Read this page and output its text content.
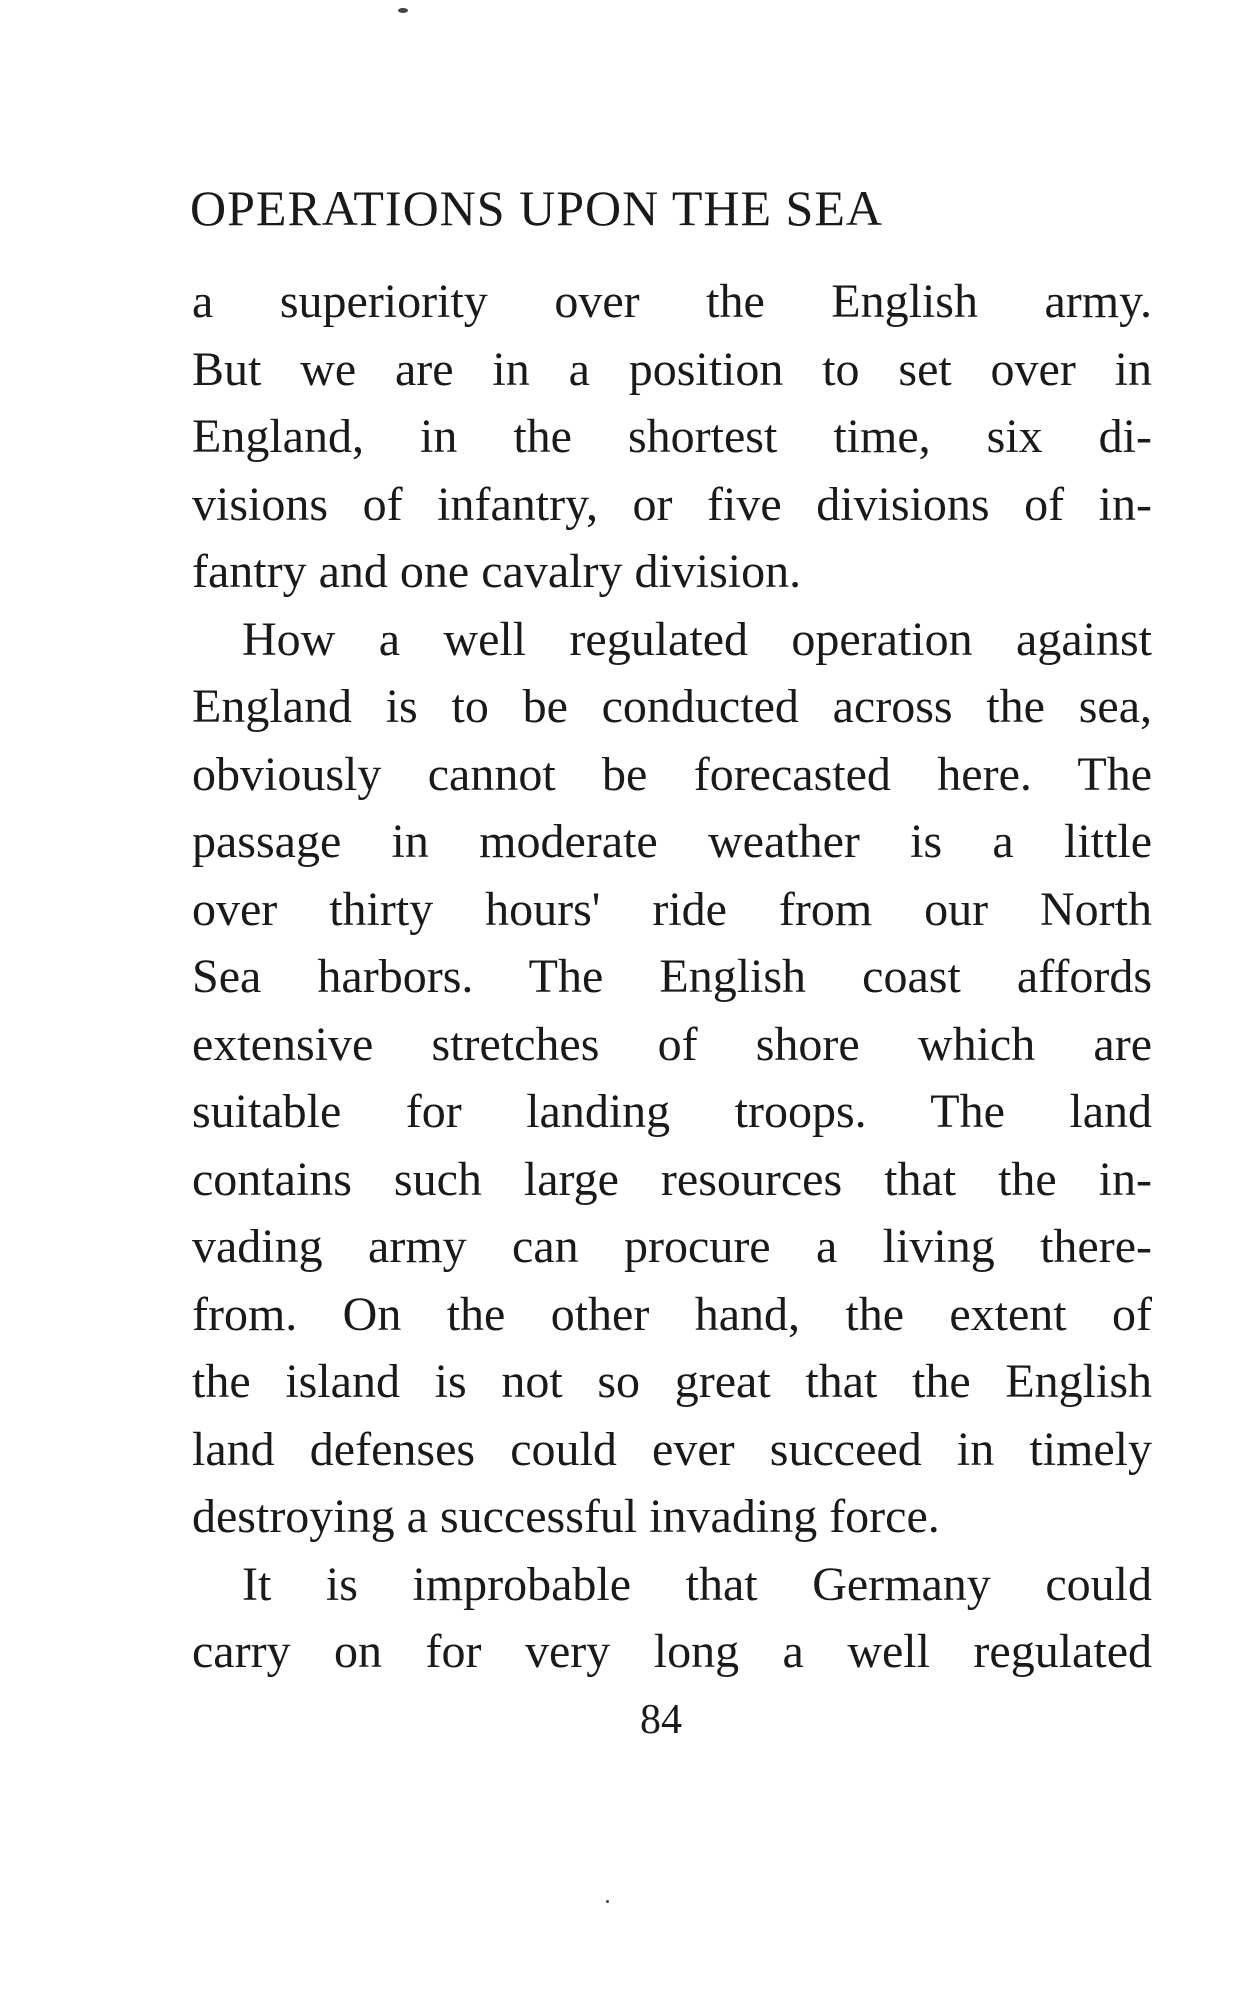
OPERATIONS UPON THE SEA
a superiority over the English army.
But we are in a position to set over in
England, in the shortest time, six di-
visions of infantry, or five divisions of in-
fantry and one cavalry division.
How a well regulated operation against
England is to be conducted across the sea,
obviously cannot be forecasted here. The
passage in moderate weather is a little
over thirty hours' ride from our North
Sea harbors. The English coast affords
extensive stretches of shore which are
suitable for landing troops. The land
contains such large resources that the in-
vading army can procure a living there-
from. On the other hand, the extent of
the island is not so great that the English
land defenses could ever succeed in timely
destroying a successful invading force.
It is improbable that Germany could
carry on for very long a well regulated
84
